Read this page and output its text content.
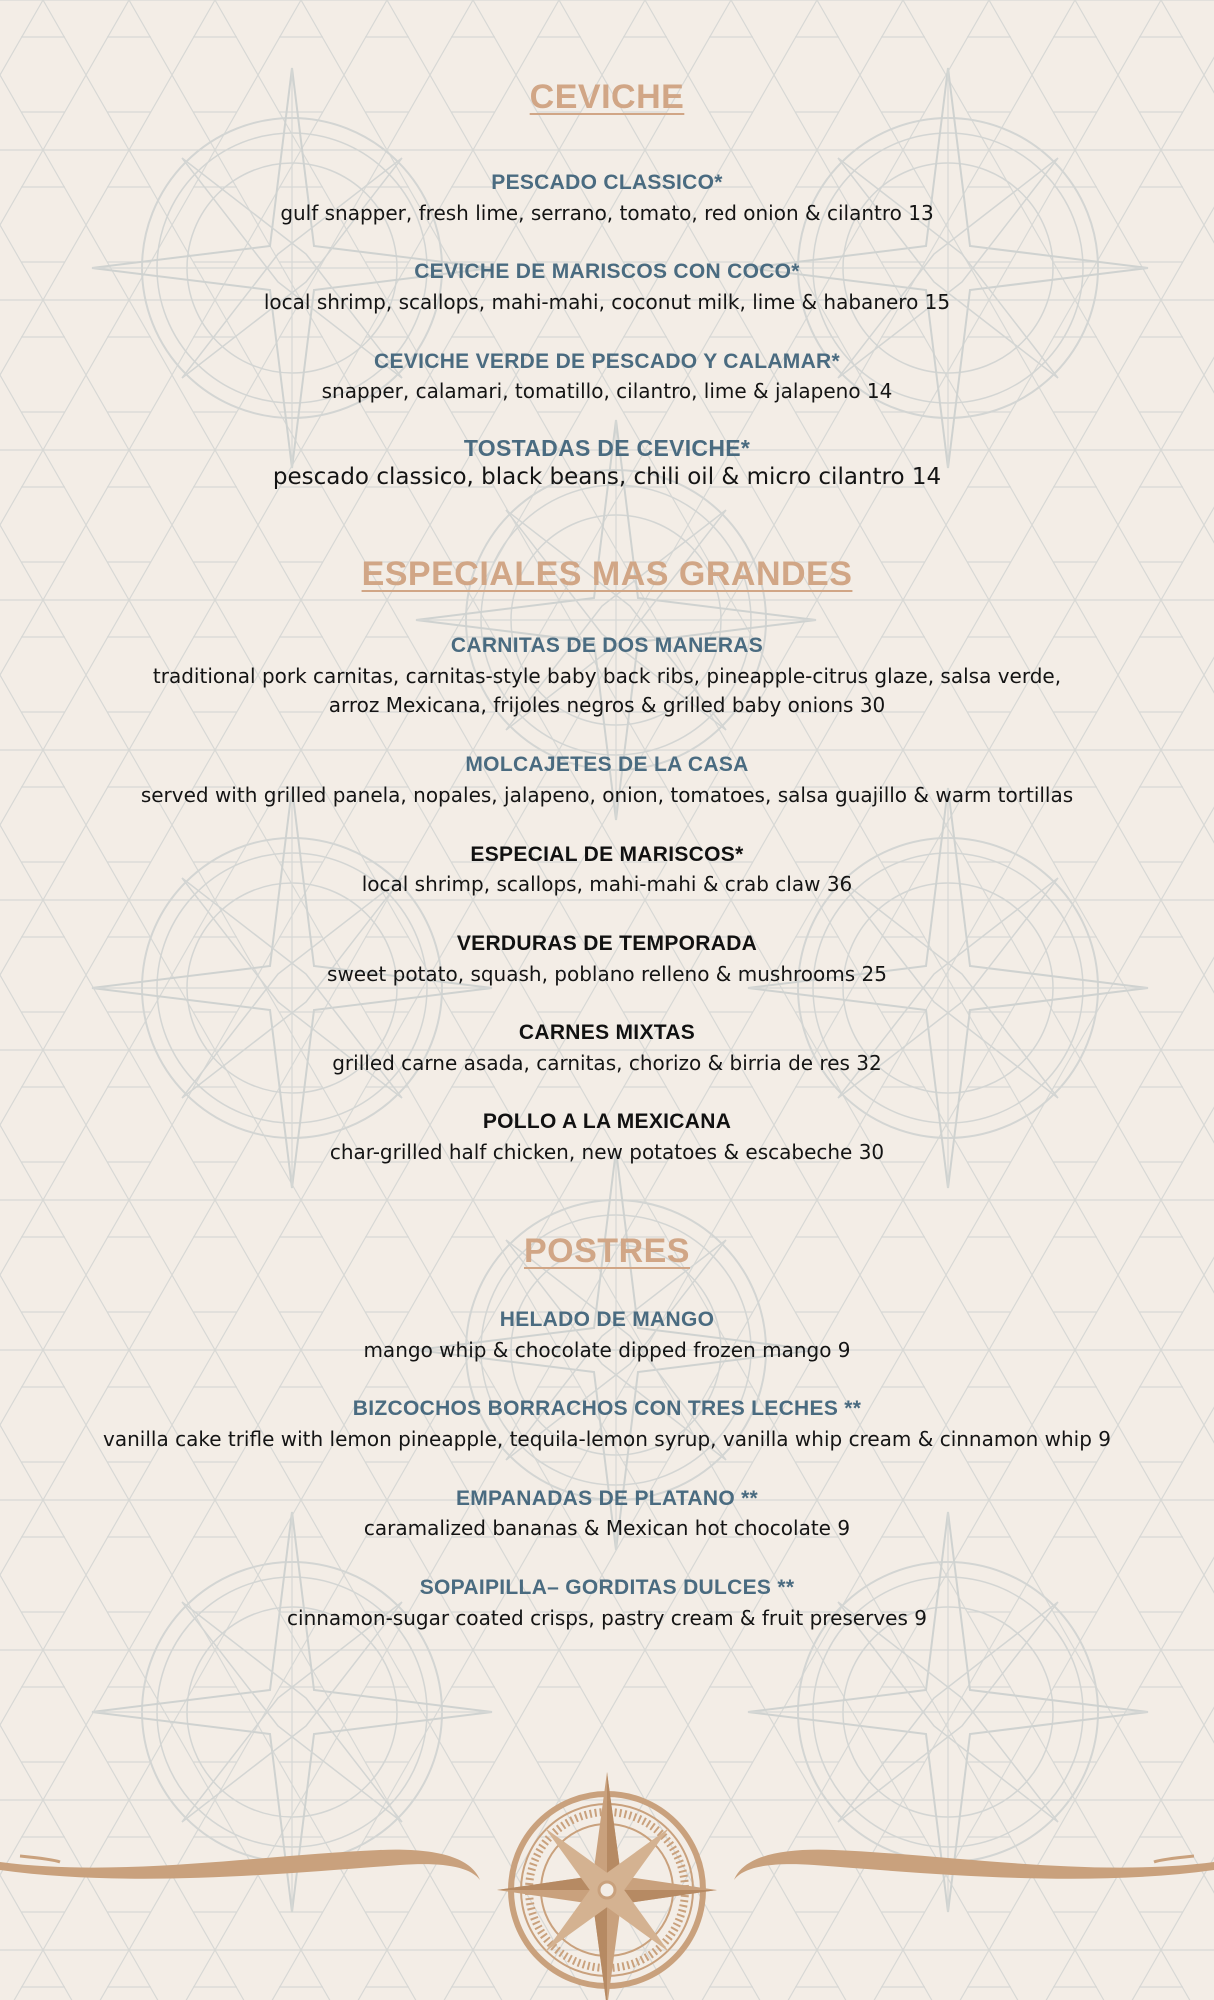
CEVICHE
PESCADO CLASSICO*
gulf snapper, fresh lime, serrano, tomato, red onion & cilantro 13
CEVICHE DE MARISCOS CON COCO*
local shrimp, scallops, mahi-mahi, coconut milk, lime & habanero 15
CEVICHE VERDE DE PESCADO Y CALAMAR*
snapper, calamari, tomatillo, cilantro, lime & jalapeno 14
TOSTADAS DE CEVICHE*
pescado classico, black beans, chili oil & micro cilantro 14
ESPECIALES MAS GRANDES
CARNITAS DE DOS MANERAS
traditional pork carnitas, carnitas-style baby back ribs, pineapple-citrus glaze, salsa verde,
arroz Mexicana, frijoles negros & grilled baby onions 30
MOLCAJETES DE LA CASA
served with grilled panela, nopales, jalapeno, onion, tomatoes, salsa guajillo & warm tortillas
ESPECIAL DE MARISCOS*
local shrimp, scallops, mahi-mahi & crab claw 36
VERDURAS DE TEMPORADA
sweet potato, squash, poblano relleno & mushrooms 25
CARNES MIXTAS
grilled carne asada, carnitas, chorizo & birria de res 32
POLLO A LA MEXICANA
char-grilled half chicken, new potatoes & escabeche 30
POSTRES
HELADO DE MANGO
mango whip & chocolate dipped frozen mango 9
BIZCOCHOS BORRACHOS CON TRES LECHES **
vanilla cake trifle with lemon pineapple, tequila-lemon syrup, vanilla whip cream & cinnamon whip 9
EMPANADAS DE PLATANO **
caramalized bananas & Mexican hot chocolate 9
SOPAIPILLA– GORDITAS DULCES **
cinnamon-sugar coated crisps, pastry cream & fruit preserves 9
